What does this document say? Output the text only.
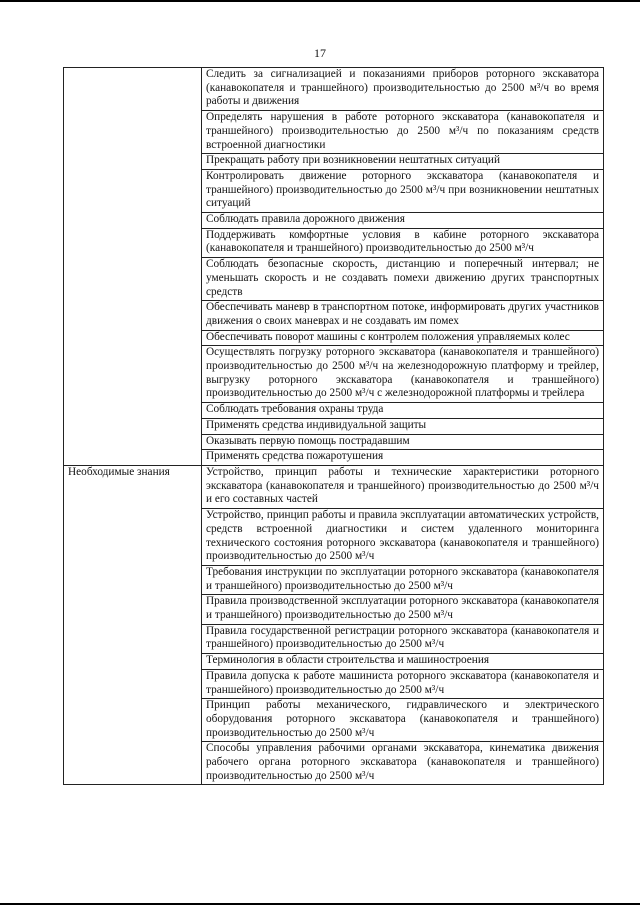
17
	Следить за сигнализацией и показаниями приборов роторного экскаватора (канавокопателя и траншейного) производительностью до 2500 м³/ч во время работы и движения
	Определять нарушения в работе роторного экскаватора (канавокопателя и траншейного) производительностью до 2500 м³/ч по показаниям средств встроенной диагностики
	Прекращать работу при возникновении нештатных ситуаций
	Контролировать движение роторного экскаватора (канавокопателя и траншейного) производительностью до 2500 м³/ч при возникновении нештатных ситуаций
	Соблюдать правила дорожного движения
	Поддерживать комфортные условия в кабине роторного экскаватора (канавокопателя и траншейного) производительностью до 2500 м³/ч
	Соблюдать безопасные скорость, дистанцию и поперечный интервал; не уменьшать скорость и не создавать помехи движению других транспортных средств
	Обеспечивать маневр в транспортном потоке, информировать других участников движения о своих маневрах и не создавать им помех
	Обеспечивать поворот машины с контролем положения управляемых колес
	Осуществлять погрузку роторного экскаватора (канавокопателя и траншейного) производительностью до 2500 м³/ч на железнодорожную платформу и трейлер, выгрузку роторного экскаватора (канавокопателя и траншейного) производительностью до 2500 м³/ч с железнодорожной платформы и трейлера
	Соблюдать требования охраны труда
	Применять средства индивидуальной защиты
	Оказывать первую помощь пострадавшим
	Применять средства пожаротушения
Необходимые знания	Устройство, принцип работы и технические характеристики роторного экскаватора (канавокопателя и траншейного) производительностью до 2500 м³/ч и его составных частей
	Устройство, принцип работы и правила эксплуатации автоматических устройств, средств встроенной диагностики и систем удаленного мониторинга технического состояния роторного экскаватора (канавокопателя и траншейного) производительностью до 2500 м³/ч
	Требования инструкции по эксплуатации роторного экскаватора (канавокопателя и траншейного) производительностью до 2500 м³/ч
	Правила производственной эксплуатации роторного экскаватора (канавокопателя и траншейного) производительностью до 2500 м³/ч
	Правила государственной регистрации роторного экскаватора (канавокопателя и траншейного) производительностью до 2500 м³/ч
	Терминология в области строительства и машиностроения
	Правила допуска к работе машиниста роторного экскаватора (канавокопателя и траншейного) производительностью до 2500 м³/ч
	Принцип работы механического, гидравлического и электрического оборудования роторного экскаватора (канавокопателя и траншейного) производительностью до 2500 м³/ч
	Способы управления рабочими органами экскаватора, кинематика движения рабочего органа роторного экскаватора (канавокопателя и траншейного) производительностью до 2500 м³/ч
